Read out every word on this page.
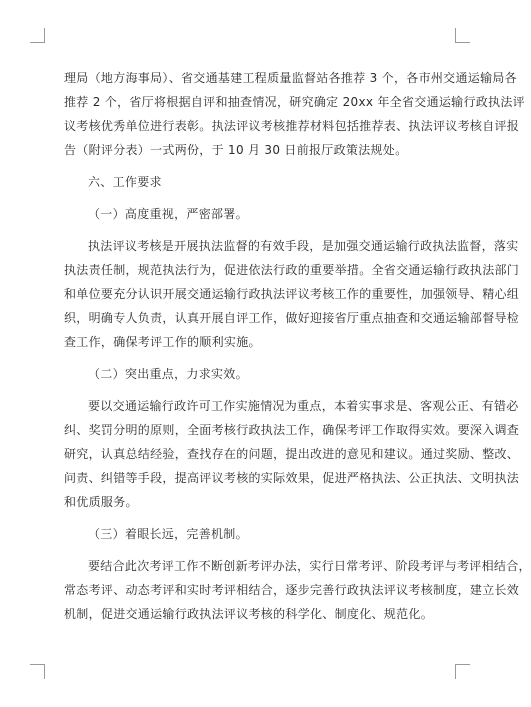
理局（地方海事局）、省交通基建工程质量监督站各推荐 3 个，各市州交通运输局各
推荐 2 个，省厅将根据自评和抽查情况，研究确定 20xx 年全省交通运输行政执法评
议考核优秀单位进行表彰。执法评议考核推荐材料包括推荐表、执法评议考核自评报
告（附评分表）一式两份，于 10 月 30 日前报厅政策法规处。
六、工作要求
（一）高度重视，严密部署。
执法评议考核是开展执法监督的有效手段，是加强交通运输行政执法监督，落实
执法责任制，规范执法行为，促进依法行政的重要举措。全省交通运输行政执法部门
和单位要充分认识开展交通运输行政执法评议考核工作的重要性，加强领导、精心组
织，明确专人负责，认真开展自评工作，做好迎接省厅重点抽查和交通运输部督导检
查工作，确保考评工作的顺利实施。
（二）突出重点，力求实效。
要以交通运输行政许可工作实施情况为重点，本着实事求是、客观公正、有错必
纠、奖罚分明的原则，全面考核行政执法工作，确保考评工作取得实效。要深入调查
研究，认真总结经验，查找存在的问题，提出改进的意见和建议。通过奖励、整改、
问责、纠错等手段，提高评议考核的实际效果，促进严格执法、公正执法、文明执法
和优质服务。
（三）着眼长远，完善机制。
要结合此次考评工作不断创新考评办法，实行日常考评、阶段考评与考评相结合，
常态考评、动态考评和实时考评相结合，逐步完善行政执法评议考核制度，建立长效
机制，促进交通运输行政执法评议考核的科学化、制度化、规范化。
